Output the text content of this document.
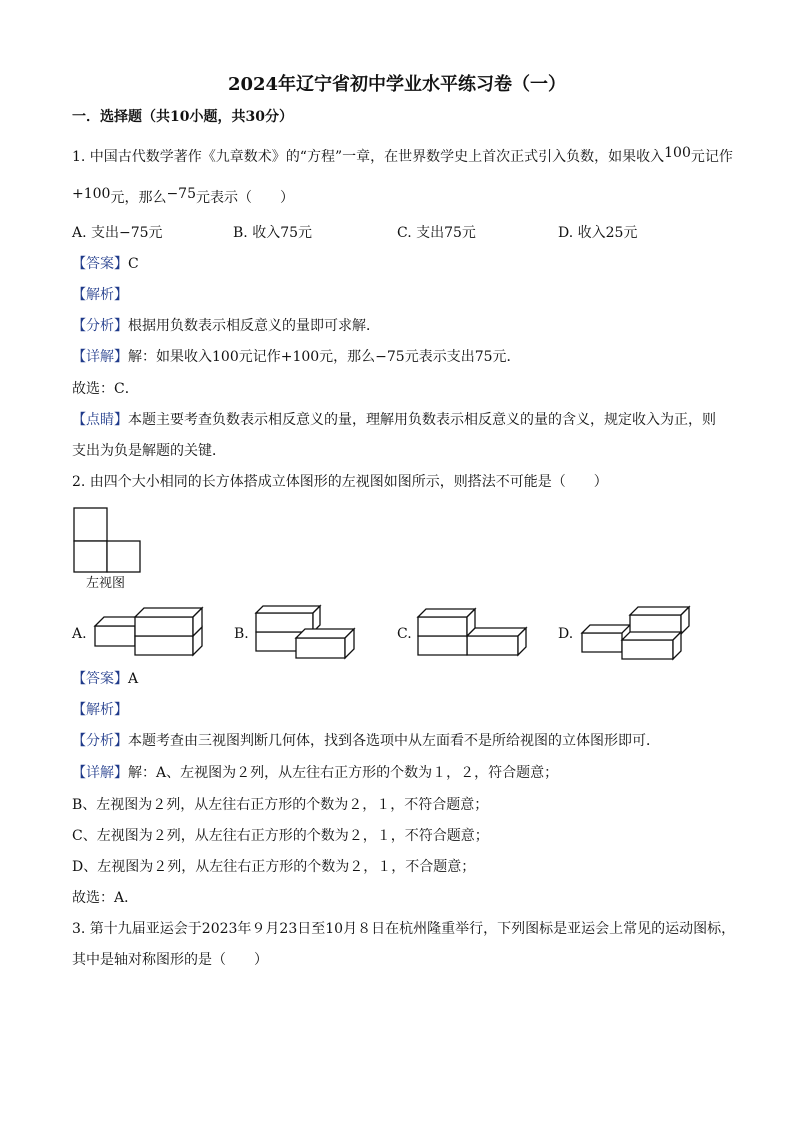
2024年辽宁省初中学业水平练习卷（一）
一．选择题（共10小题，共30分）
1. 中国古代数学著作《九章数术》的“方程”一章，在世界数学史上首次正式引入负数，如果收入100元记作
+100元，那么−75元表示（　　）
A. 支出−75元	B. 收入75元	C. 支出75元	D. 收入25元
【答案】C
【解析】
【分析】根据用负数表示相反意义的量即可求解．
【详解】解：如果收入100元记作+100元，那么−75元表示支出75元．
故选：C．
【点睛】本题主要考查负数表示相反意义的量，理解用负数表示相反意义的量的含义，规定收入为正，则
支出为负是解题的关键．
2. 由四个大小相同的长方体搭成立体图形的左视图如图所示，则搭法不可能是（　　）
左视图
A.	B.	C.	D.
【答案】A
【解析】
【分析】本题考查由三视图判断几何体，找到各选项中从左面看不是所给视图的立体图形即可．
【详解】解：A、左视图为２列，从左往右正方形的个数为１，２，符合题意；
B、左视图为２列，从左往右正方形的个数为２，１，不符合题意；
C、左视图为２列，从左往右正方形的个数为２，１，不符合题意；
D、左视图为２列，从左往右正方形的个数为２，１，不合题意；
故选：A．
3. 第十九届亚运会于2023年９月23日至10月８日在杭州隆重举行，下列图标是亚运会上常见的运动图标，
其中是轴对称图形的是（　　）
